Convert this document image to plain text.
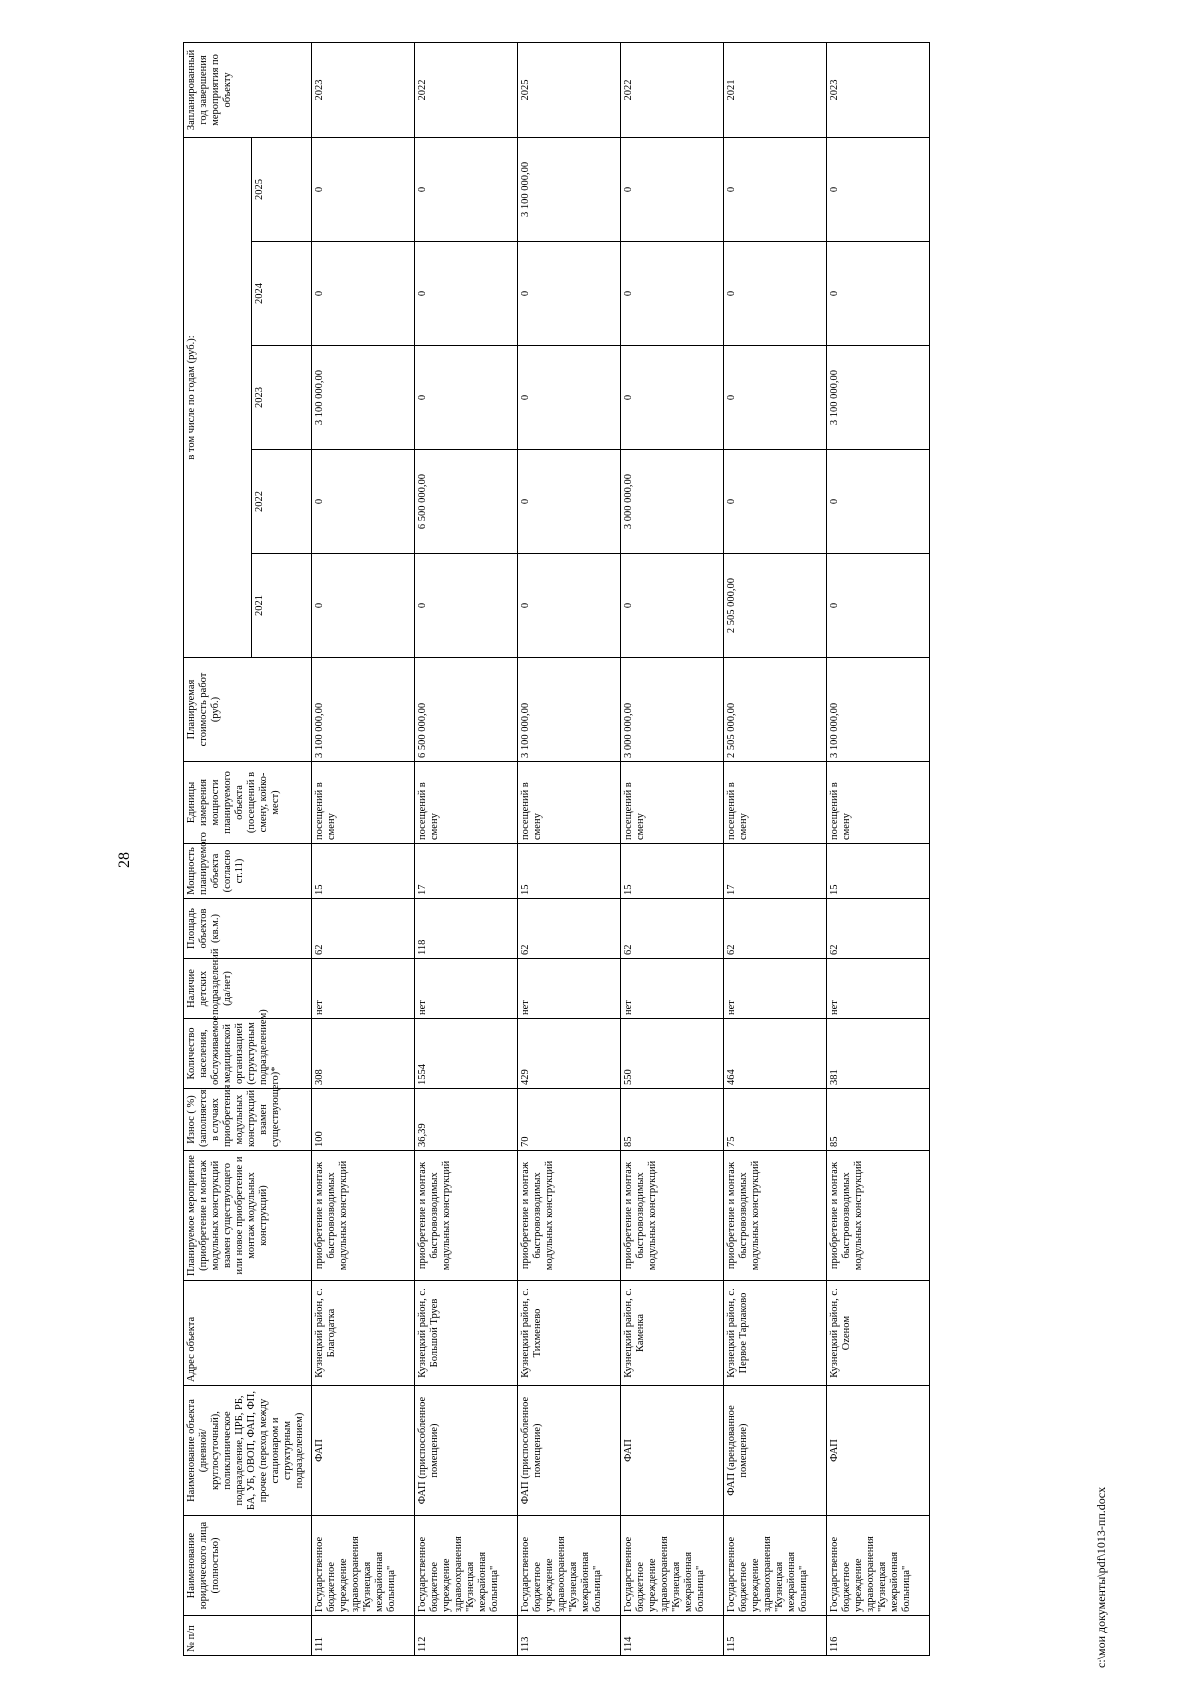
28
№ п/п	Наименование юридического лица (полностью)	Наименование объекта (дневной/ круглосуточный), поликлиническое подразделение, ЦРБ, РБ, БА, УБ, ОВОП, ФАП, ФП, прочее (переход между стационаром и структурным подразделением)	Адрес объекта	Планируемое мероприятие (приобретение и монтаж модульных конструкций взамен существующего или новое приобретение и монтаж модульных конструкций)	Износ ( %) (заполняется в случаях приобретения модульных конструкций взамен существующего)*	Количество населения, обслуживаемое медицинской организацией (структурным подразделением)	Наличие детских подразделений (да/нет)	Площадь объектов (кв.м.)	Мощность планируемого объекта (согласно ст.11)	Единицы измерения мощности планируемого объекта (посещений в смену, койко-мест)	Планируемая стоимость работ (руб.)	в том числе по годам (руб.):					Запланированный год завершения мероприятия по объекту
												2021	2022	2023	2024	2025	
111	Государственное бюджетное учреждение здравоохранения "Кузнецкая межрайонная больница"	ФАП	Кузнецкий район, с. Благодатка	приобретение и монтаж быстровозводимых модульных конструкций	100	308	нет	62	15	посещений в смену	3 100 000,00	0	0	3 100 000,00	0	0	2023
112	Государственное бюджетное учреждение здравоохранения "Кузнецкая межрайонная больница"	ФАП (приспособленное помещение)	Кузнецкий район, с. Большой Труев	приобретение и монтаж быстровозводимых модульных конструкций	36,39	1554	нет	118	17	посещений в смену	6 500 000,00	0	6 500 000,00	0	0	0	2022
113	Государственное бюджетное учреждение здравоохранения "Кузнецкая межрайонная больница"	ФАП (приспособленное помещение)	Кузнецкий район, с. Тихменево	приобретение и монтаж быстровозводимых модульных конструкций	70	429	нет	62	15	посещений в смену	3 100 000,00	0	0	0	0	3 100 000,00	2025
114	Государственное бюджетное учреждение здравоохранения "Кузнецкая межрайонная больница"	ФАП	Кузнецкий район, с. Каменка	приобретение и монтаж быстровозводимых модульных конструкций	85	550	нет	62	15	посещений в смену	3 000 000,00	0	3 000 000,00	0	0	0	2022
115	Государственное бюджетное учреждение здравоохранения "Кузнецкая межрайонная больница"	ФАП (арендованное помещение)	Кузнецкий район, с. Первое Тарлаково	приобретение и монтаж быстровозводимых модульных конструкций	75	464	нет	62	17	посещений в смену	2 505 000,00	2 505 000,00	0	0	0	0	2021
116	Государственное бюджетное учреждение здравоохранения "Кузнецкая межрайонная больница"	ФАП	Кузнецкий район, с. Ozeнoм	приобретение и монтаж быстровозводимых модульных конструкций	85	381	нет	62	15	посещений в смену	3 100 000,00	0	0	3 100 000,00	0	0	2023
c:\мои документы\pdf\1013-пп.docx
